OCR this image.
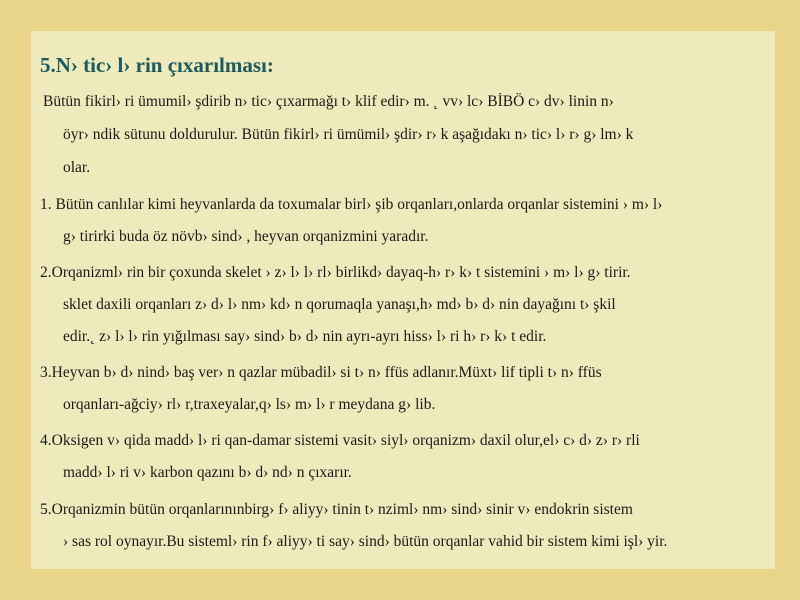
5.N› tic› l› rin çıxarılması:
Bütün fikirl› ri ümumil› şdirib n› tic› çıxarmağı t› klif edir› m. ˛ vv› lc› BİBÖ c› dv› linin n›
öyr› ndik sütunu doldurulur. Bütün fikirl› ri ümümil› şdir› r› k aşağıdakı n› tic› l› r› g› lm› k
olar.
1. Bütün canlılar kimi heyvanlarda da toxumalar birl› şib orqanları,onlarda orqanlar sistemini › m› l›
g› tirirki buda öz növb› sind› , heyvan orqanizmini yaradır.
2.Orqanizml› rin bir çoxunda skelet › z› l› l› rl› birlikd› dayaq-h› r› k› t sistemini › m› l› g› tirir.
sklet daxili orqanları z› d› l› nm› kd› n qorumaqla yanaşı,h› md› b› d› nin dayağını t› şkil
edir.˛ z› l› l› rin yığılması say› sind› b› d› nin ayrı-ayrı hiss› l› ri h› r› k› t edir.
3.Heyvan b› d› nind› baş ver› n qazlar mübadil› si t› n› ffüs adlanır.Müxt› lif tipli t› n› ffüs
orqanları-ağciy› rl› r,traxeyalar,q› ls› m› l› r meydana g› lib.
4.Oksigen v› qida madd› l› ri qan-damar sistemi vasit› siyl› orqanizm› daxil olur,el› c› d› z› r› rli
madd› l› ri v› karbon qazını b› d› nd› n çıxarır.
5.Orqanizmin bütün orqanlarınınbirg› f› aliyy› tinin t› nziml› nm› sind› sinir v› endokrin sistem
› sas rol oynayır.Bu sisteml› rin f› aliyy› ti say› sind› bütün orqanlar vahid bir sistem kimi işl› yir.
